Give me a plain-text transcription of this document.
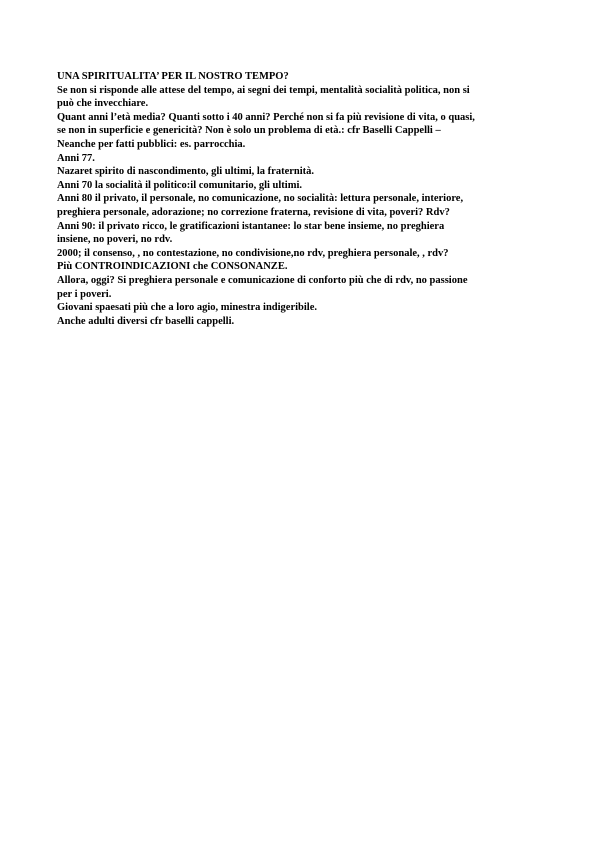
UNA SPIRITUALITA’ PER IL NOSTRO TEMPO?

Se non si risponde alle attese del tempo, ai segni dei tempi, mentalità socialità politica, non si
può che invecchiare.

Quant anni l’età media? Quanti sotto i 40 anni? Perché non si fa più revisione di vita, o quasi,
se non in superficie e genericità? Non è solo un problema di età.: cfr Baselli Cappelli –
Neanche per fatti pubblici: es. parrocchia.

Anni 77.

Nazaret spirito di nascondimento, gli ultimi, la fraternità.

Anni 70 la socialità il politico:il comunitario, gli ultimi.

Anni 80 il privato, il personale, no comunicazione, no socialità: lettura personale, interiore,
preghiera personale, adorazione; no correzione fraterna, revisione di vita, poveri? Rdv?

Anni 90: il privato ricco, le gratificazioni istantanee: lo star bene insieme, no preghiera
insiene, no poveri, no rdv.

2000; il consenso, , no contestazione, no condivisione,no rdv, preghiera personale, , rdv?

Più CONTROINDICAZIONI che CONSONANZE.

Allora, oggi? Si preghiera personale e comunicazione di conforto più che di rdv, no passione
per i poveri.

Giovani spaesati più che a loro agio, minestra indigeribile.

Anche adulti diversi cfr baselli cappelli.
